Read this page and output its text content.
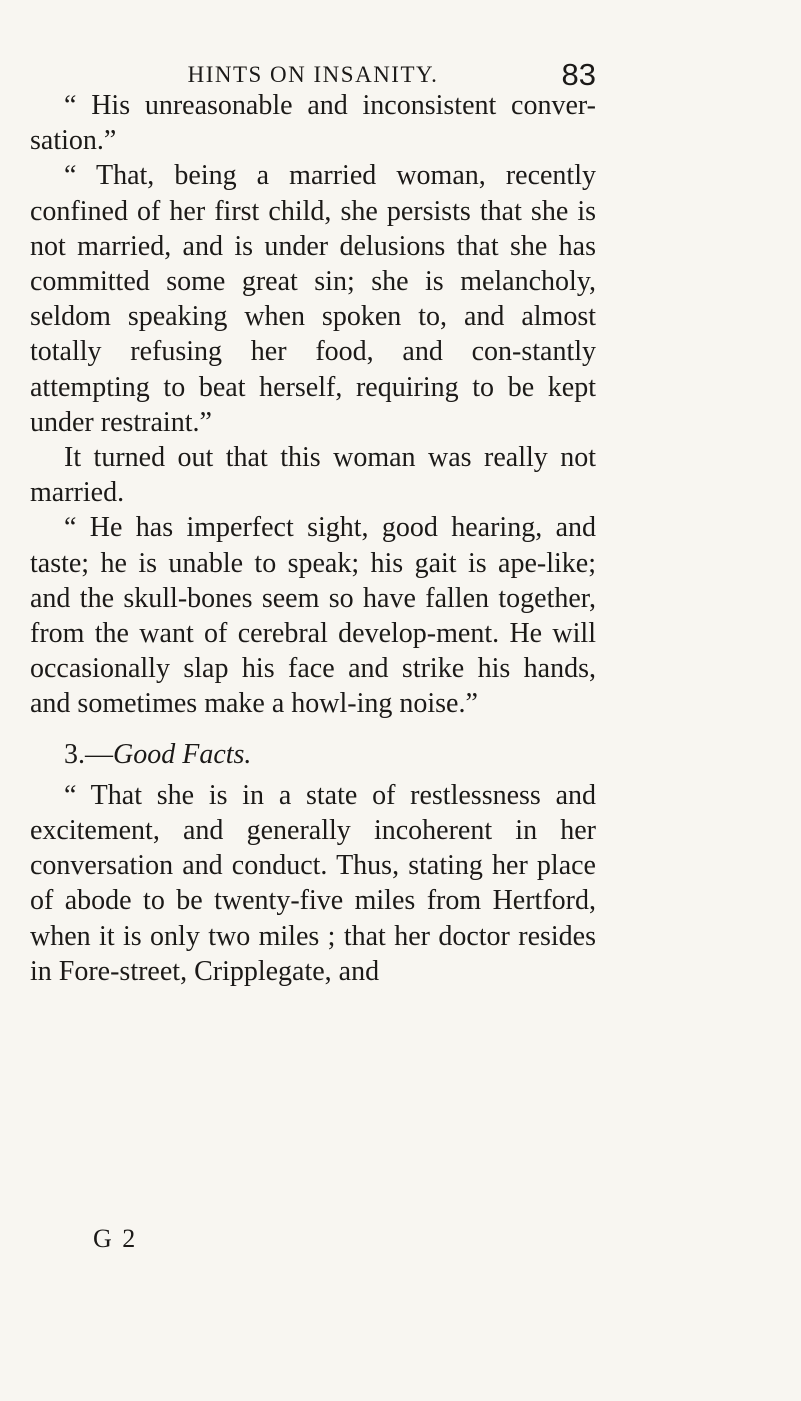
HINTS ON INSANITY.	83

“ His unreasonable and inconsistent conver-sation.”

“ That, being a married woman, recently confined of her first child, she persists that she is not married, and is under delusions that she has committed some great sin; she is melancholy, seldom speaking when spoken to, and almost totally refusing her food, and con-stantly attempting to beat herself, requiring to be kept under restraint.”

It turned out that this woman was really not married.

“ He has imperfect sight, good hearing, and taste; he is unable to speak; his gait is ape-like; and the skull-bones seem so have fallen together, from the want of cerebral develop-ment. He will occasionally slap his face and strike his hands, and sometimes make a howl-ing noise.”

3.—Good Facts.

“ That she is in a state of restlessness and excitement, and generally incoherent in her conversation and conduct. Thus, stating her place of abode to be twenty-five miles from Hertford, when it is only two miles ; that her doctor resides in Fore-street, Cripplegate, and

G 2
